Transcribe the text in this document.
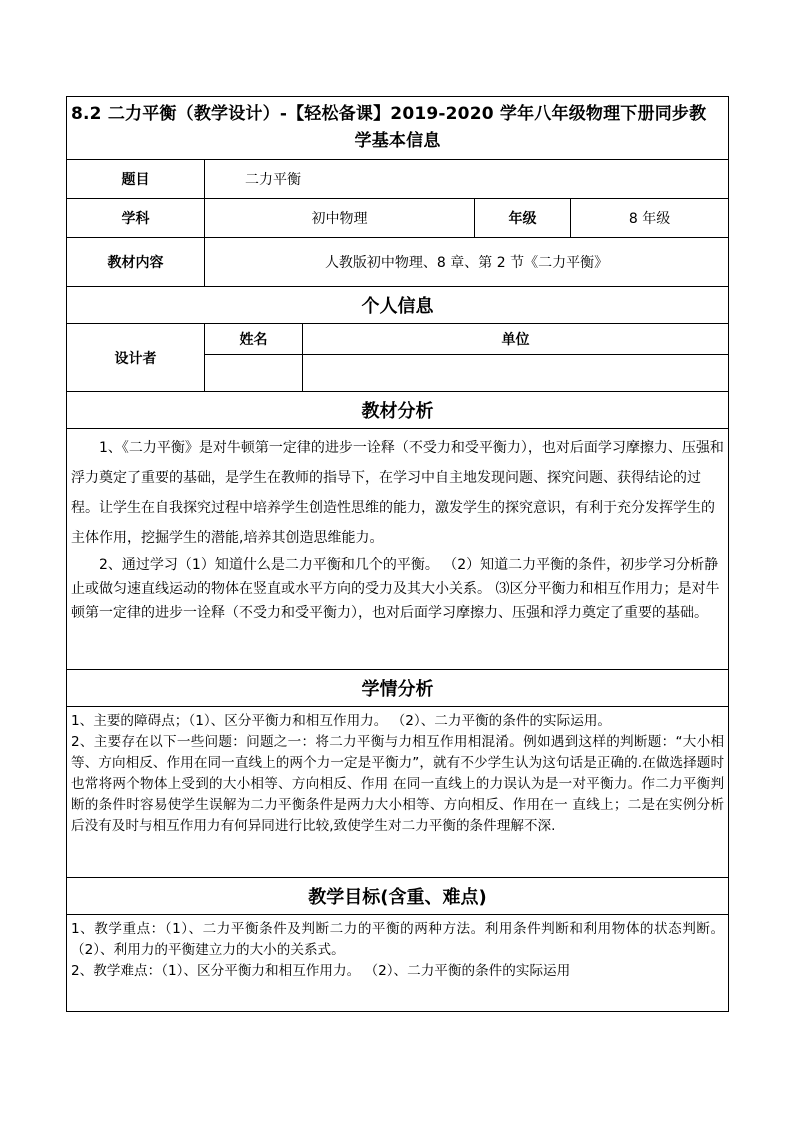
8.2 二力平衡（教学设计）-【轻松备课】2019-2020 学年八年级物理下册同步教
学基本信息				

题目	二力平衡			
学科	初中物理		年级	8 年级
教材内容	人教版初中物理、8 章、第 2 节《二力平衡》			
个人信息				
设计者	姓名	单位		

教材分析				

1、《二力平衡》是对牛顿第一定律的进步一诠释（不受力和受平衡力），也对后面学习摩擦力、压强和浮力奠定了重要的基础，是学生在教师的指导下，在学习中自主地发现问题、探究问题、获得结论的过程。让学生在自我探究过程中培养学生创造性思维的能力，激发学生的探究意识，有利于充分发挥学生的主体作用，挖掘学生的潜能,培养其创造思维能力。

2、通过学习（1）知道什么是二力平衡和几个的平衡。 （2）知道二力平衡的条件，初步学习分析静止或做匀速直线运动的物体在竖直或水平方向的受力及其大小关系。 ⑶区分平衡力和相互作用力；是对牛顿第一定律的进步一诠释（不受力和受平衡力），也对后面学习摩擦力、压强和浮力奠定了重要的基础。				

学情分析				

1、主要的障碍点；（1）、区分平衡力和相互作用力。 （2）、二力平衡的条件的实际运用。

2、主要存在以下一些问题：问题之一：将二力平衡与力相互作用相混淆。例如遇到这样的判断题：“大小相 等、方向相反、作用在同一直线上的两个力一定是平衡力”，就有不少学生认为这句话是正确的.在做选择题时也常将两个物体上受到的大小相等、方向相反、作用 在同一直线上的力误认为是一对平衡力。作二力平衡判断的条件时容易使学生误解为二力平衡条件是两力大小相等、方向相反、作用在一 直线上；二是在实例分析后没有及时与相互作用力有何异同进行比较,致使学生对二力平衡的条件理解不深.				

教学目标(含重、难点)				

1、教学重点：（1）、二力平衡条件及判断二力的平衡的两种方法。利用条件判断和利用物体的状态判断。（2）、利用力的平衡建立力的大小的关系式。

2、教学难点：（1）、区分平衡力和相互作用力。 （2）、二力平衡的条件的实际运用				
